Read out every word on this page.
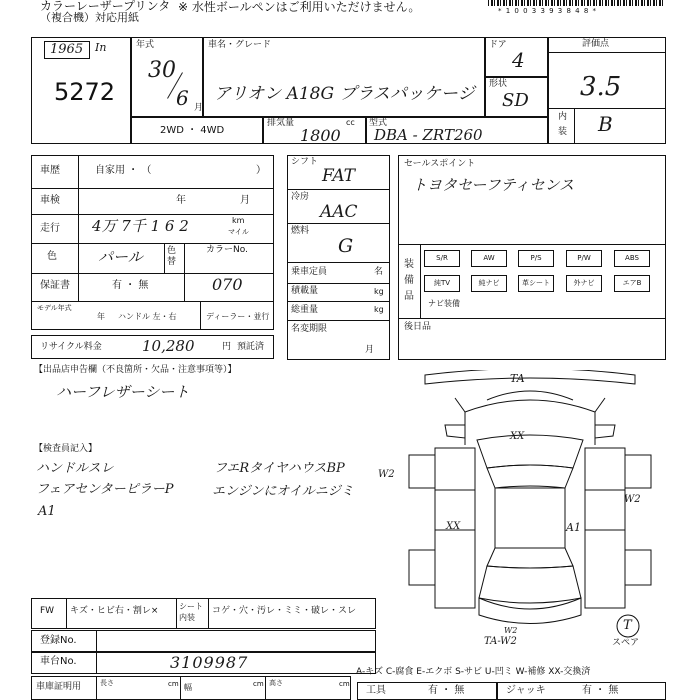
カラーレーザープリンタ
（複合機）対応用紙
※ 水性ボールペンはご利用いただけません。	* 1 0 0 3 3 9 3 8 4 8 *
1965 In
5272
年式
30
6 月
車名・グレード
アリオン A18G プラスパッケージ
ドア
4
形状
SD
評価点
3.5
内
装 B
2WD ・ 4WD
排気量	cc
1800
型式
DBA - ZRT260
車歴	自家用 ・ （	）
車検	年	月
走行 4万 7千 1 6 2	km
マイル
色	パール	色替
カラーNo.
保証書	有 ・ 無	070
モデル年式
年 ハンドル 左・右	ディーラー・並行
リサイクル料金	10,280	円 預託済
シフト
FAT
冷房
AAC
燃料
G
乗車定員	名
積載量	kg
総重量	kg
名変期限
月
セールスポイント
トヨタセーフティセンス
装備品
S/R	AW	P/S	P/W	ABS
純TV	純ナビ	革シート	外ナビ	エアB
ナビ装備
後日品
【出品店申告欄（不良箇所・欠品・注意事項等）】
ハーフレザーシート
【検査員記入】
ハンドルスレ
フェアセンターピラーP
A1
フエRタイヤハウスBP
エンジンにオイルニジミ
TA
XX
W2
W2
XX	A1
W2
TA-W2
T
スペア
FW キズ・ヒビ右・割レ×	シート内装
コゲ・穴・汚レ・ミミ・破レ・スレ
登録No.
車台No.	3109987
車庫証明用	長さ	cm 幅	cm 高さ	cm
A-キズ C-腐食 E-エクボ S-サビ U-凹ミ W-補修 XX-交換済
工具	有 ・ 無	ジャッキ	有 ・ 無
